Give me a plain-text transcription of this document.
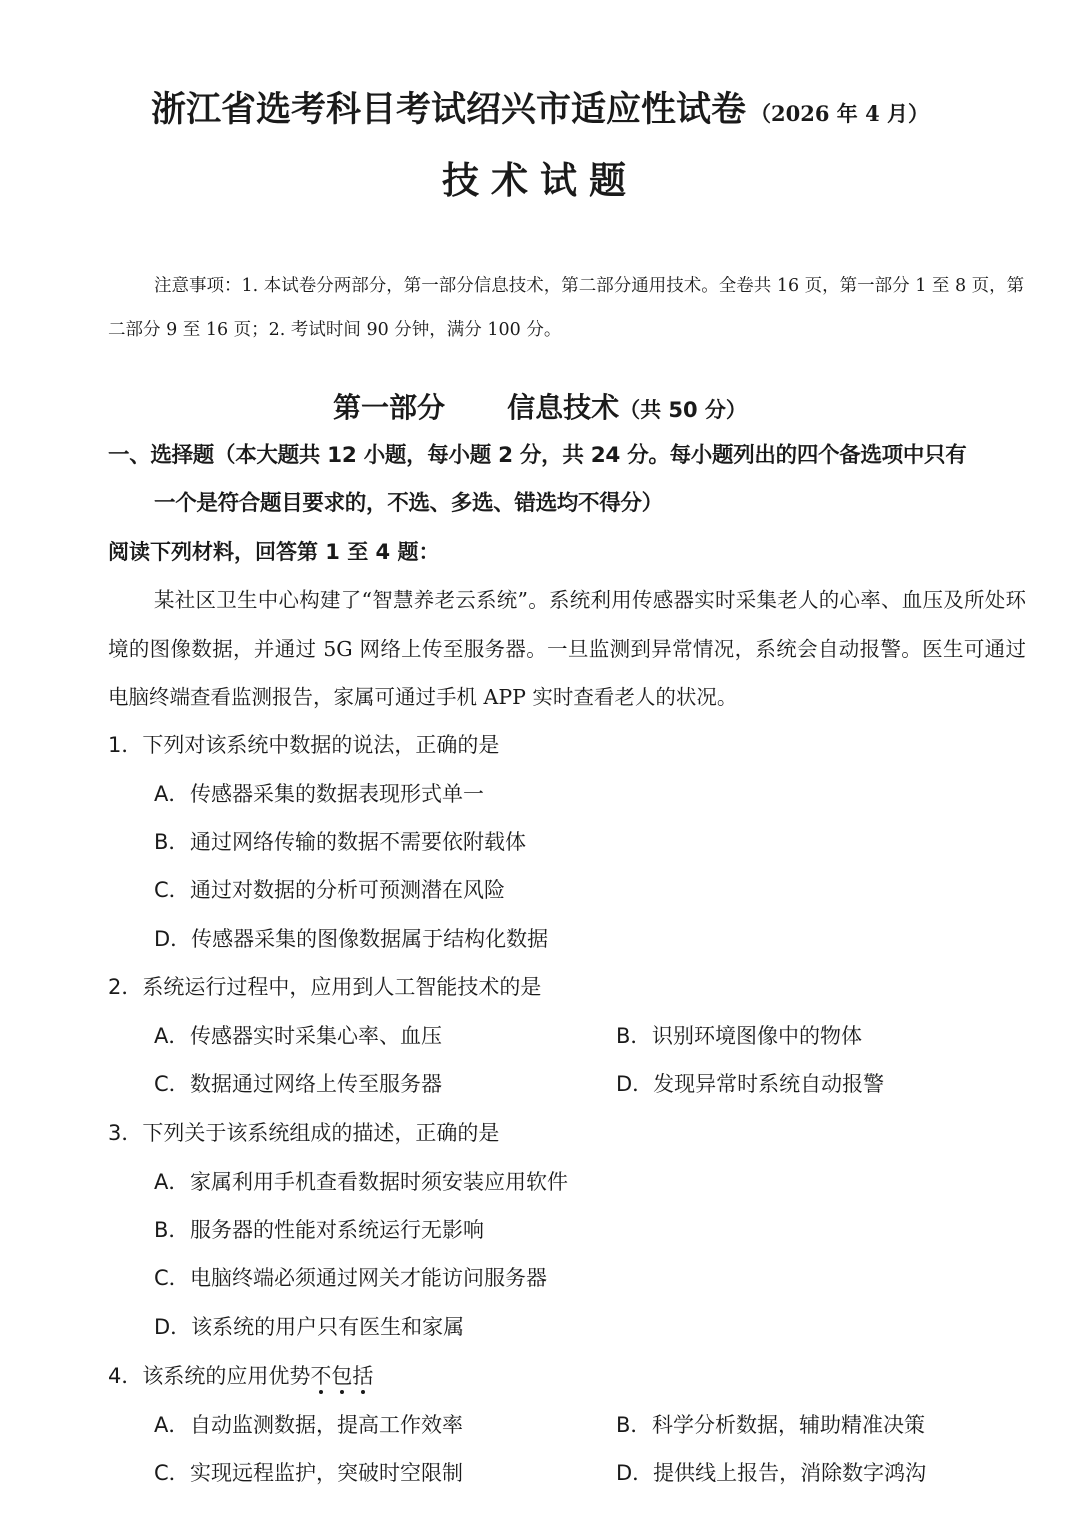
浙江省选考科目考试绍兴市适应性试卷 （2026 年 4 月）
技术试题
注意事项：1. 本试卷分两部分，第一部分信息技术，第二部分通用技术。全卷共 16 页，第一部分 1 至 8 页，第二部分 9 至 16 页；2. 考试时间 90 分钟，满分 100 分。
第一部分 信息技术（共 50 分）
一、选择题（本大题共 12 小题，每小题 2 分，共 24 分。每小题列出的四个备选项中只有
一个是符合题目要求的，不选、多选、错选均不得分）
阅读下列材料，回答第 1 至 4 题：
某社区卫生中心构建了“智慧养老云系统”。系统利用传感器实时采集老人的心率、血压及所处环境的图像数据，并通过 5G 网络上传至服务器。一旦监测到异常情况，系统会自动报警。医生可通过电脑终端查看监测报告，家属可通过手机 APP 实时查看老人的状况。
1．下列对该系统中数据的说法，正确的是
A．传感器采集的数据表现形式单一
B．通过网络传输的数据不需要依附载体
C．通过对数据的分析可预测潜在风险
D．传感器采集的图像数据属于结构化数据
2．系统运行过程中，应用到人工智能技术的是
A．传感器实时采集心率、血压	B．识别环境图像中的物体
C．数据通过网络上传至服务器	D．发现异常时系统自动报警
3．下列关于该系统组成的描述，正确的是
A．家属利用手机查看数据时须安装应用软件
B．服务器的性能对系统运行无影响
C．电脑终端必须通过网关才能访问服务器
D．该系统的用户只有医生和家属
4．该系统的应用优势不包括
A．自动监测数据，提高工作效率	B．科学分析数据，辅助精准决策
C．实现远程监护，突破时空限制	D．提供线上报告，消除数字鸿沟
